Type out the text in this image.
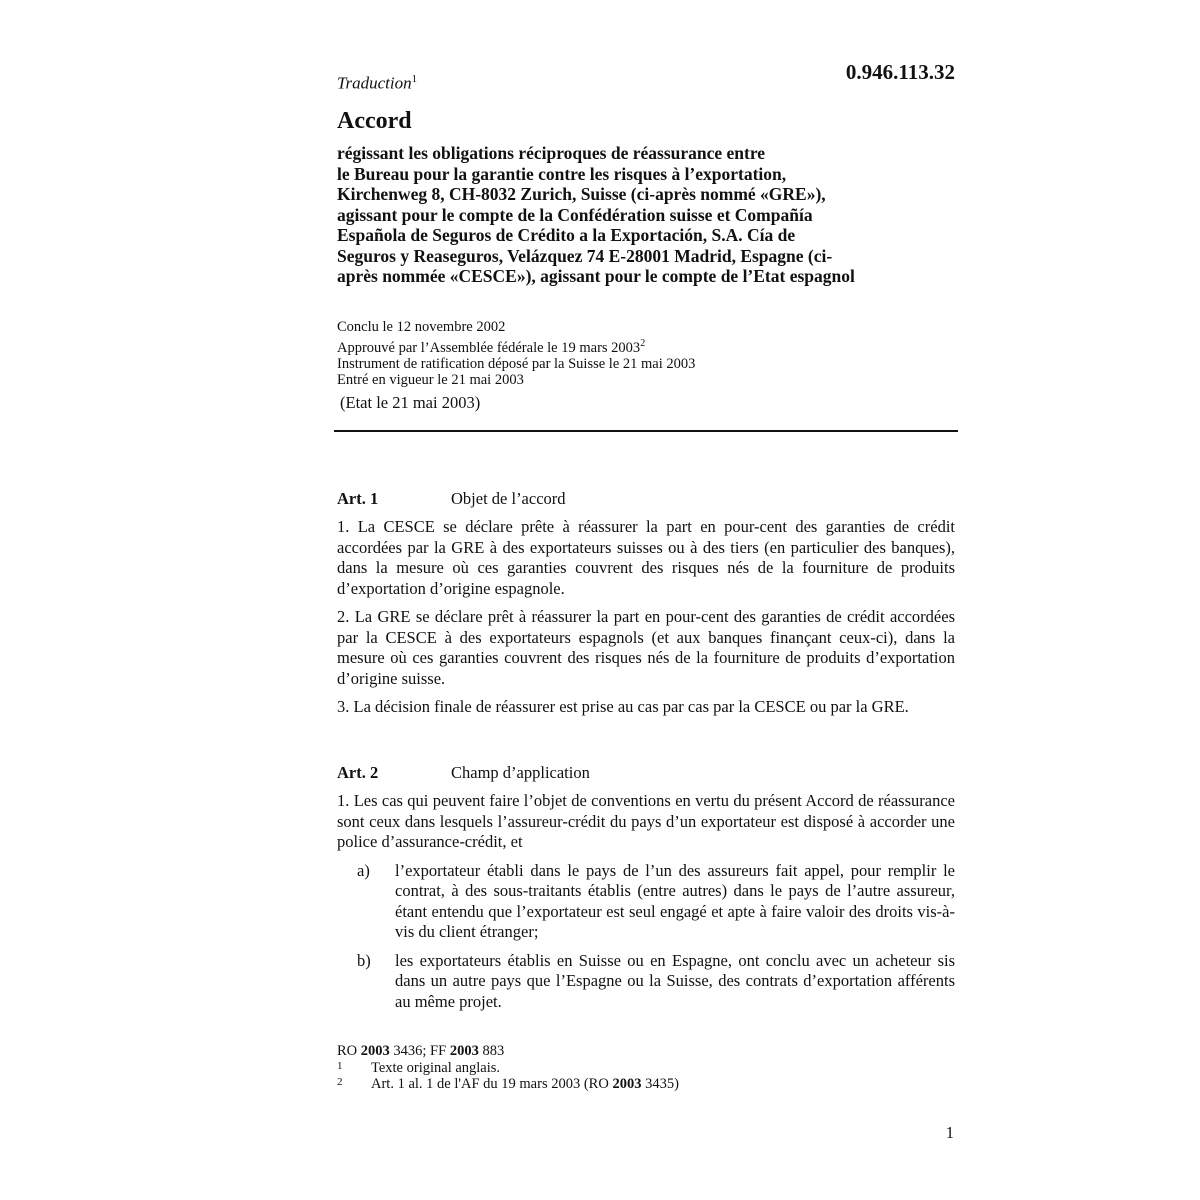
Traduction$^1$	0.946.113.32
Accord
régissant les obligations réciproques de réassurance entre
le Bureau pour la garantie contre les risques à l’exportation,
Kirchenweg 8, CH-8032 Zurich, Suisse (ci-après nommé «GRE»),
agissant pour le compte de la Confédération suisse et Compañía
Española de Seguros de Crédito a la Exportación, S.A. Cía de
Seguros y Reaseguros, Velázquez 74 E-28001 Madrid, Espagne (ci-
après nommée «CESCE»), agissant pour le compte de l’Etat espagnol
Conclu le 12 novembre 2002
Approuvé par l’Assemblée fédérale le 19 mars 2003$^2$
Instrument de ratification déposé par la Suisse le 21 mai 2003
Entré en vigueur le 21 mai 2003
(Etat le 21 mai 2003)
Art. 1	Objet de l’accord

1. La CESCE se déclare prête à réassurer la part en pour-cent des garanties de crédit accordées par la GRE à des exportateurs suisses ou à des tiers (en particulier des banques), dans la mesure où ces garanties couvrent des risques nés de la fourniture de produits d’exportation d’origine espagnole.

2. La GRE se déclare prêt à réassurer la part en pour-cent des garanties de crédit accordées par la CESCE à des exportateurs espagnols (et aux banques finançant ceux-ci), dans la mesure où ces garanties couvrent des risques nés de la fourniture de produits d’exportation d’origine suisse.

3. La décision finale de réassurer est prise au cas par cas par la CESCE ou par la GRE.

Art. 2	Champ d’application

1. Les cas qui peuvent faire l’objet de conventions en vertu du présent Accord de réassurance sont ceux dans lesquels l’assureur-crédit du pays d’un exportateur est disposé à accorder une police d’assurance-crédit, et

a)	l’exportateur établi dans le pays de l’un des assureurs fait appel, pour remplir le contrat, à des sous-traitants établis (entre autres) dans le pays de l’autre assureur, étant entendu que l’exportateur est seul engagé et apte à faire valoir des droits vis-à-vis du client étranger;
b)	les exportateurs établis en Suisse ou en Espagne, ont conclu avec un acheteur sis dans un autre pays que l’Espagne ou la Suisse, des contrats d’exportation afférents au même projet.
RO 2003 3436; FF 2003 883
1	Texte original anglais.
2	Art. 1 al. 1 de l'AF du 19 mars 2003 (RO 2003 3435)
1
